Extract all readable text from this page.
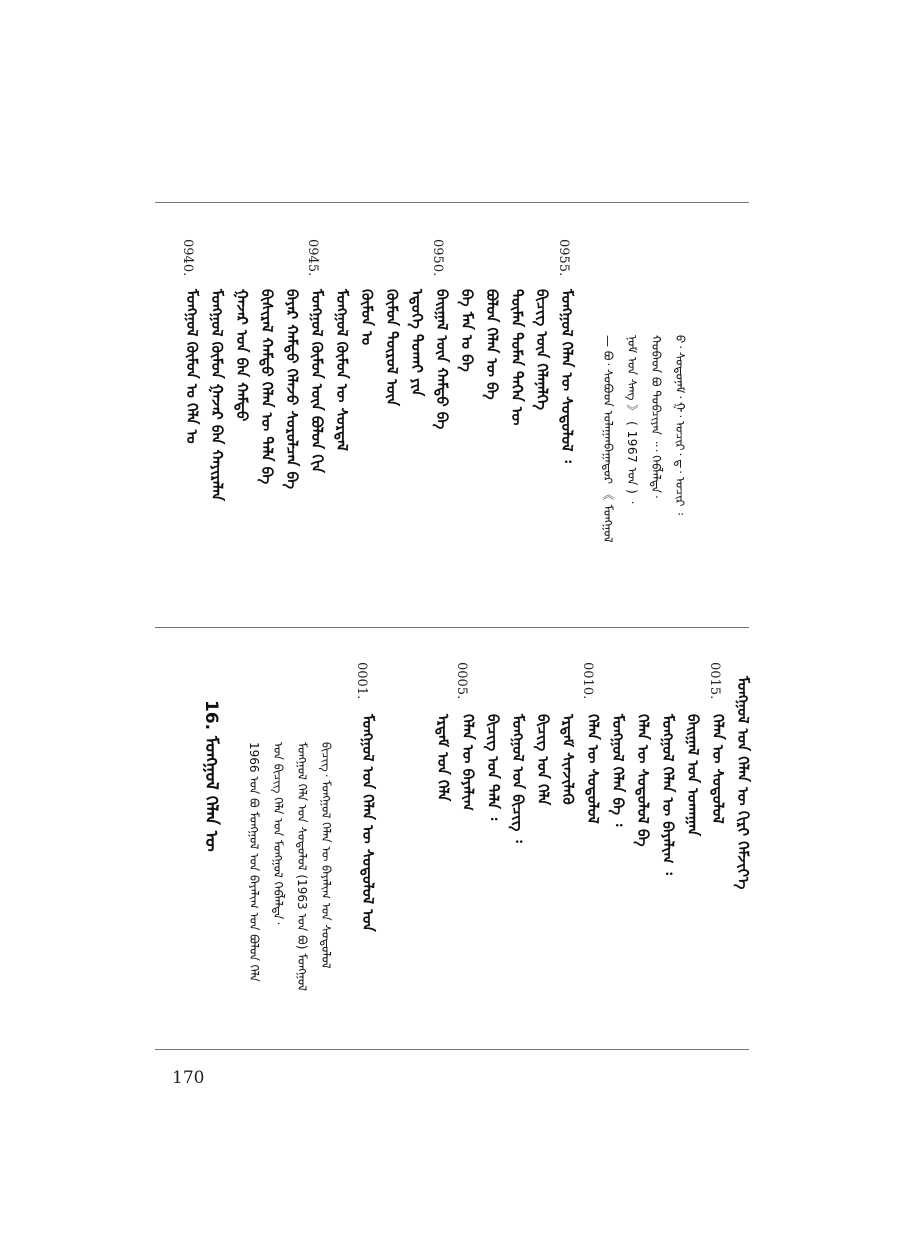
0955.
0950.
0945.
0940.
ᠪ᠂ ᠰᠣᠳᠤᠨᠠᠮ᠂ ᠭ᠂ ᠣᠴᠢᠷ᠂ ᠳ᠂ ᠣᠴᠢᠷ ᠄
ᠬᠣᠪᠠᠳ ᠪᠣ ᠲᠣᠪᠴᠢᠶᠠᠨ ᠃᠂ ᠬᠡᠪᠯᠡᠯᠲᠡ᠂
ᠨᠣᠮ ᠤᠨ ᠰᠠᠩ 》 ( 1967 ᠣᠨ ) ᠂
— ᠪᠣ᠂ ᠰᠤᠪᠤᠳ ᠤᠯᠠᠭᠠᠨᠪᠠᠭᠠᠲᠤᠷ 《 ᠮᠣᠩᠭᠣᠯ
ᠮᠣᠩᠭᠣᠯ ᠬᠡᠯᠡᠨ ᠦ ᠰᠤᠳᠤᠯᠤᠯ ᠄
ᠪᠢᠴᠢᠭ ᠦᠨ ᠬᠡᠯᠡᠨᠡᠯᠭᠡ
ᠲᠦᠮᠡᠨ ᠲᠤᠮᠡᠨ ᠲᠡᠭᠡᠨ ᠦ
ᠪᠣᠯᠤᠨ ᠬᠡᠯᠡᠨ ᠦ ᠪᠠ
ᠪᠠ ᠮᠠᠨ ᠤ ᠪᠠ
ᠪᠠᠢᠭᠠᠯ ᠦᠨ ᠬᠠᠮᠲᠤ ᠪᠠ
ᠡᠳᠦᠭᠡ ᠲᠤᠬᠠᠢ ᠶᠢᠨ
ᠬᠦᠮᠦᠨ ᠲᠦᠷᠦᠯ ᠦᠨ
ᠬᠦᠮᠦᠨ ᠤ
ᠮᠣᠩᠭᠣᠯ ᠬᠦᠮᠦᠨ ᠦ ᠰᠤᠷᠲᠠᠯ
ᠮᠣᠩᠭᠣᠯ ᠬᠦᠮᠦᠨ ᠦᠨ ᠪᠤᠯᠤᠨ ᠬᠢᠨ
ᠪᠠᠶᠠᠷ ᠬᠠᠮᠲᠤ ᠬᠡᠯᠡᠵᠦ ᠰᠤᠷᠤᠯᠴᠠᠨ ᠪᠠ
ᠪᠢᠰᠢᠷᠡᠯ ᠬᠠᠮᠲᠤ ᠬᠡᠯᠡᠨ ᠦ ᠲᠠᠯᠠ ᠪᠠ
ᠭᠠᠵᠠᠷ ᠤᠨ ᠪᠠᠨ ᠬᠠᠮᠲᠤ
ᠮᠣᠩᠭᠣᠯ ᠬᠦᠮᠦᠨ ᠭᠠᠵᠠᠷ ᠪᠠᠨ ᠬᠠᠶᠢᠷᠠᠯᠠᠨ
ᠮᠣᠩᠭᠣᠯ ᠬᠦᠮᠦᠨ ᠤ ᠬᠡᠯᠡ ᠤ
0015.
0010.
0005.
0001.	ᠮᠣᠩᠭᠣᠯ ᠤᠨ ᠬᠡᠯᠡᠨ ᠦ ᠬᠢᠷᠢ ᠬᠡᠮᠵᠢᠶ᠎ᠡ
ᠬᠡᠯᠡᠨ ᠦ ᠰᠤᠳᠤᠯᠤᠯ
ᠪᠠᠢᠭᠠᠯ ᠤᠨ ᠤᠬᠠᠭᠠᠨ
ᠮᠣᠩᠭᠣᠯ ᠬᠡᠯᠡᠨ ᠦ ᠪᠠᠶᠠᠯᠢᠭ ᠄
ᠬᠡᠯᠡᠨ ᠦ ᠰᠤᠳᠤᠯᠤᠯ ᠪᠠ
ᠮᠣᠩᠭᠣᠯ ᠬᠡᠯᠡᠨ ᠪᠠ ᠄
ᠬᠡᠯᠡᠨ ᠦ ᠰᠤᠳᠤᠯᠤᠯ
ᠡᠷᠳᠡᠮ ᠰᠢᠨᠵᠢᠯᠡᠬᠦ
ᠪᠢᠴᠢᠭ ᠤᠨ ᠬᠡᠯᠡ
ᠮᠣᠩᠭᠣᠯ ᠤᠨ ᠪᠢᠴᠢᠭ ᠄
ᠪᠢᠴᠢᠭ ᠤᠨ ᠲᠠᠯᠠ ᠄
ᠬᠡᠯᠡᠨ ᠦ ᠪᠠᠶᠠᠯᠢᠭ
ᠡᠷᠳᠡᠮ ᠤᠨ ᠬᠡᠯᠡ
ᠮᠣᠩᠭᠣᠯ ᠤᠨ ᠬᠡᠯᠡᠨ ᠦ ᠰᠤᠳᠤᠯᠤᠯ ᠤᠨ
ᠪᠢᠴᠢᠭ᠂ ᠮᠣᠩᠭᠣᠯ ᠬᠡᠯᠡᠨ ᠦ ᠪᠠᠶᠠᠯᠢᠭ ᠤᠨ ᠰᠤᠳᠤᠯᠤᠯ
ᠮᠣᠩᠭᠣᠯ ᠬᠡᠯᠡ ᠤᠨ ᠰᠤᠳᠤᠯᠤᠯ (1963 ᠣᠨ ᠪᠣ) ᠮᠣᠩᠭᠣᠯ
ᠤᠨ ᠪᠢᠴᠢᠭ ᠬᠡᠯᠡ ᠤᠨ ᠮᠣᠩᠭᠣᠯ ᠬᠡᠪᠯᠡᠯᠲᠡ᠂
1966 ᠣᠨ ᠪᠣ ᠮᠣᠩᠭᠣᠯ ᠤᠨ ᠪᠠᠶᠠᠯᠢᠭ ᠤᠨ ᠪᠣᠯᠤᠨ ᠬᠡᠯᠡ
16. ᠮᠣᠩᠭᠣᠯ ᠬᠡᠯᠡᠨ ᠦ
170
